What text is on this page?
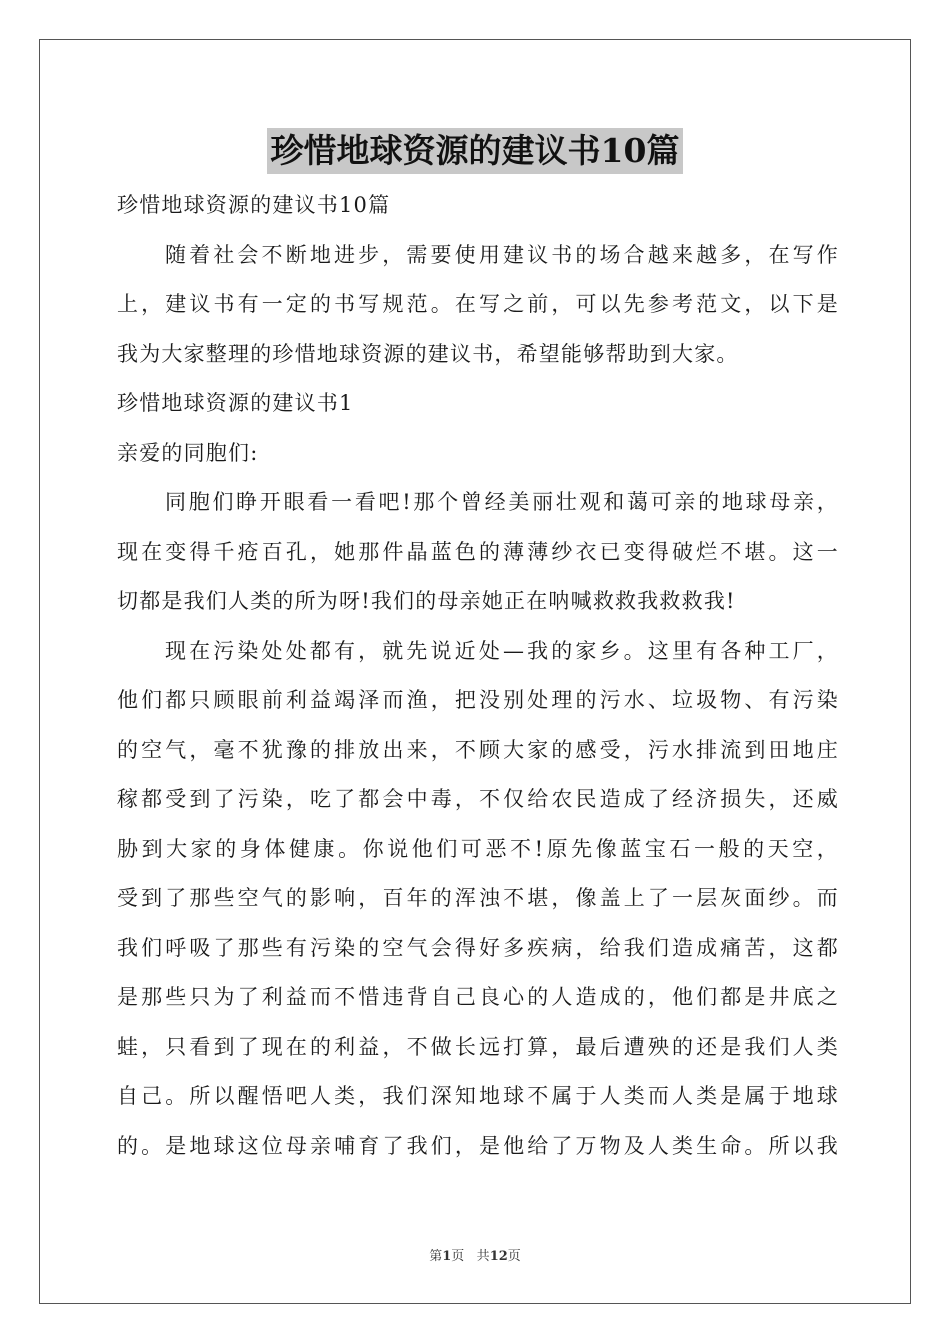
珍惜地球资源的建议书10篇
珍惜地球资源的建议书10篇
随着社会不断地进步，需要使用建议书的场合越来越多，在写作
上，建议书有一定的书写规范。在写之前，可以先参考范文，以下是
我为大家整理的珍惜地球资源的建议书，希望能够帮助到大家。
珍惜地球资源的建议书1
亲爱的同胞们:
同胞们睁开眼看一看吧!那个曾经美丽壮观和蔼可亲的地球母亲，
现在变得千疮百孔，她那件晶蓝色的薄薄纱衣已变得破烂不堪。这一
切都是我们人类的所为呀!我们的母亲她正在呐喊救救我救救我!
现在污染处处都有，就先说近处—我的家乡。这里有各种工厂，
他们都只顾眼前利益竭泽而渔，把没别处理的污水、垃圾物、有污染
的空气，毫不犹豫的排放出来，不顾大家的感受，污水排流到田地庄
稼都受到了污染，吃了都会中毒，不仅给农民造成了经济损失，还威
胁到大家的身体健康。你说他们可恶不!原先像蓝宝石一般的天空，
受到了那些空气的影响，百年的浑浊不堪，像盖上了一层灰面纱。而
我们呼吸了那些有污染的空气会得好多疾病，给我们造成痛苦，这都
是那些只为了利益而不惜违背自己良心的人造成的，他们都是井底之
蛙，只看到了现在的利益，不做长远打算，最后遭殃的还是我们人类
自己。所以醒悟吧人类，我们深知地球不属于人类而人类是属于地球
的。是地球这位母亲哺育了我们，是他给了万物及人类生命。所以我
第1页 共12页
